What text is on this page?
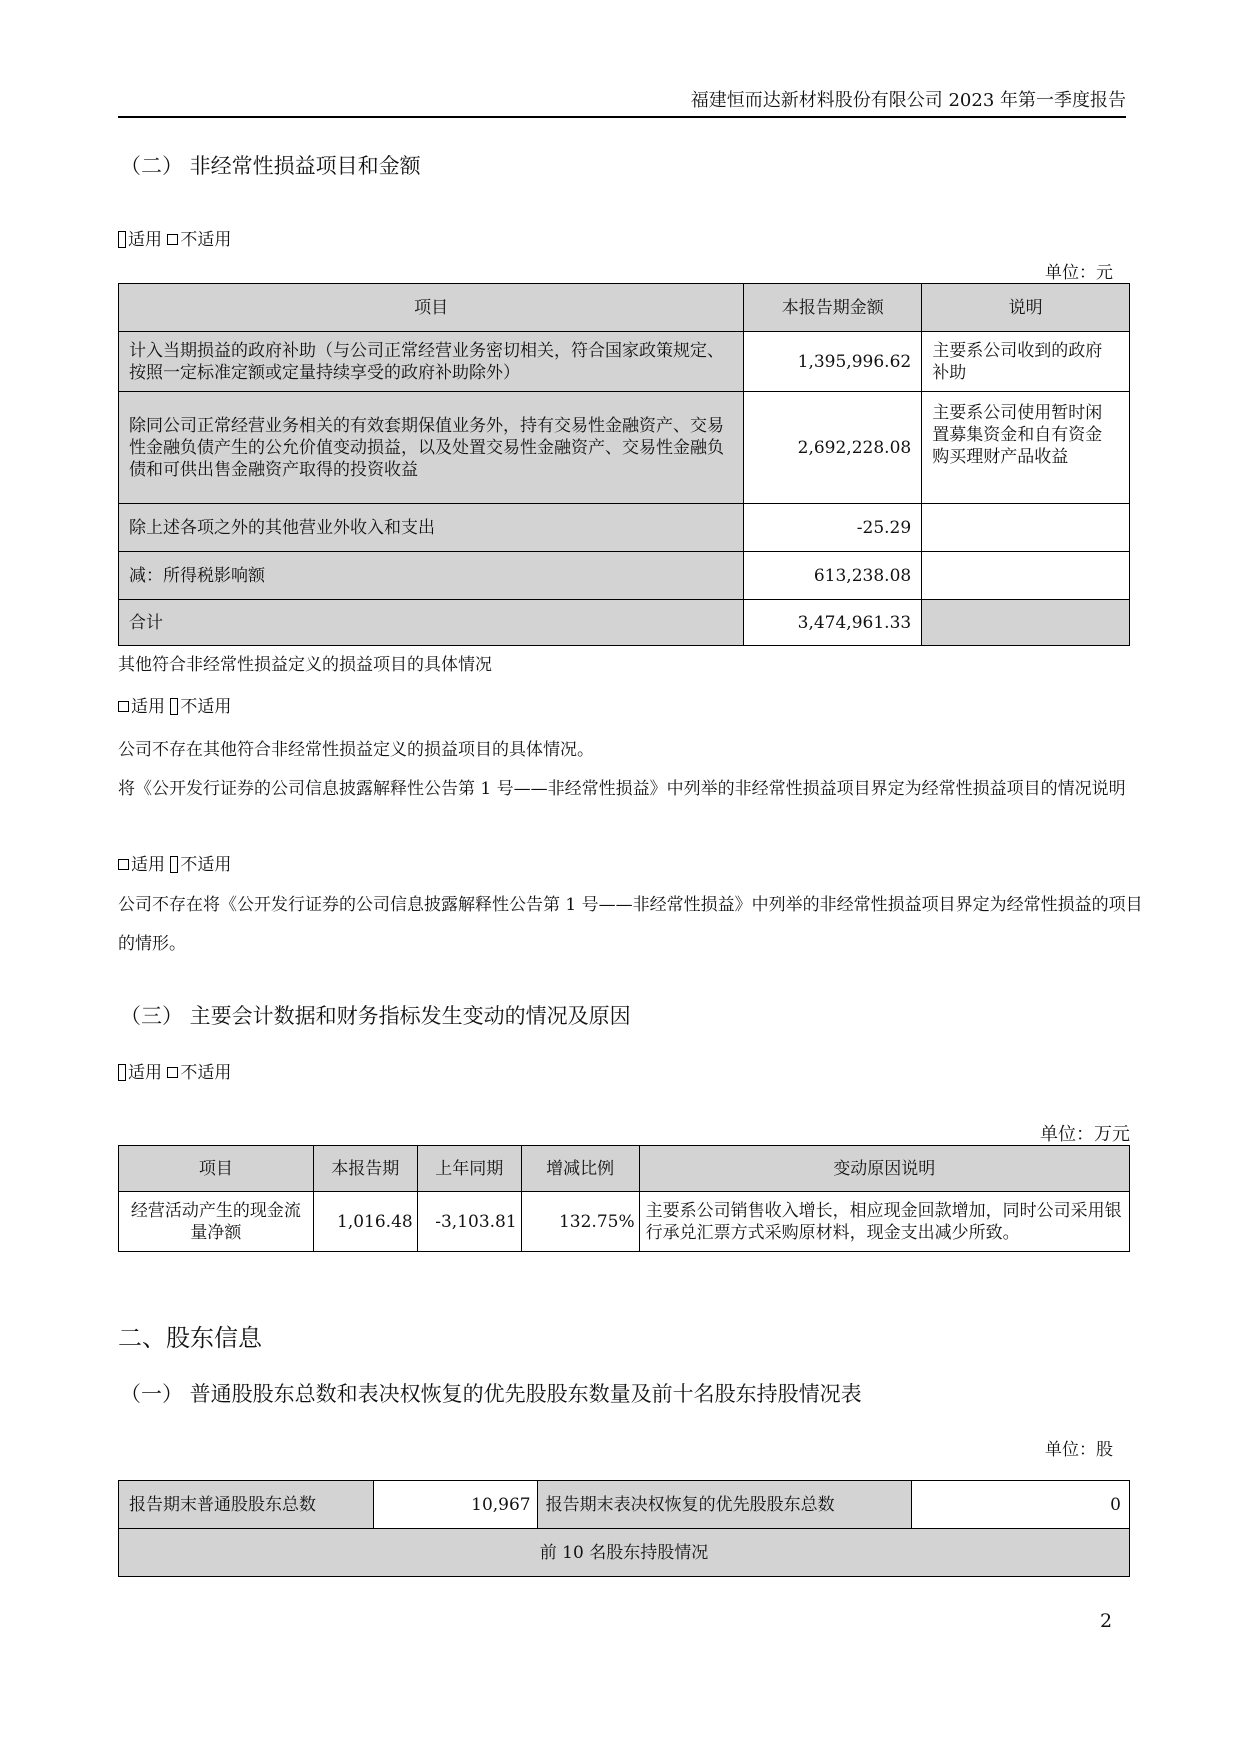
福建恒而达新材料股份有限公司 2023 年第一季度报告
（二） 非经常性损益项目和金额
适用 不适用
单位：元
项目	本报告期金额	说明
计入当期损益的政府补助（与公司正常经营业务密切相关，符合国家政策规定、按照一定标准定额或定量持续享受的政府补助除外）	1,395,996.62	主要系公司收到的政府补助
除同公司正常经营业务相关的有效套期保值业务外，持有交易性金融资产、交易性金融负债产生的公允价值变动损益，以及处置交易性金融资产、交易性金融负债和可供出售金融资产取得的投资收益	2,692,228.08	主要系公司使用暂时闲置募集资金和自有资金购买理财产品收益
除上述各项之外的其他营业外收入和支出	-25.29	
减：所得税影响额	613,238.08	
合计	3,474,961.33	
其他符合非经常性损益定义的损益项目的具体情况
适用 不适用
公司不存在其他符合非经常性损益定义的损益项目的具体情况。
将《公开发行证券的公司信息披露解释性公告第 1 号——非经常性损益》中列举的非经常性损益项目界定为经常性损益项目的情况说明
适用 不适用
公司不存在将《公开发行证券的公司信息披露解释性公告第 1 号——非经常性损益》中列举的非经常性损益项目界定为经常性损益的项目的情形。
（三） 主要会计数据和财务指标发生变动的情况及原因
适用 不适用
单位：万元
项目	本报告期	上年同期	增减比例	变动原因说明
经营活动产生的现金流量净额	1,016.48	-3,103.81	132.75%	主要系公司销售收入增长，相应现金回款增加，同时公司采用银行承兑汇票方式采购原材料，现金支出减少所致。
二、股东信息
（一） 普通股股东总数和表决权恢复的优先股股东数量及前十名股东持股情况表
单位：股
报告期末普通股股东总数	10,967	报告期末表决权恢复的优先股股东总数	0
前 10 名股东持股情况
2
